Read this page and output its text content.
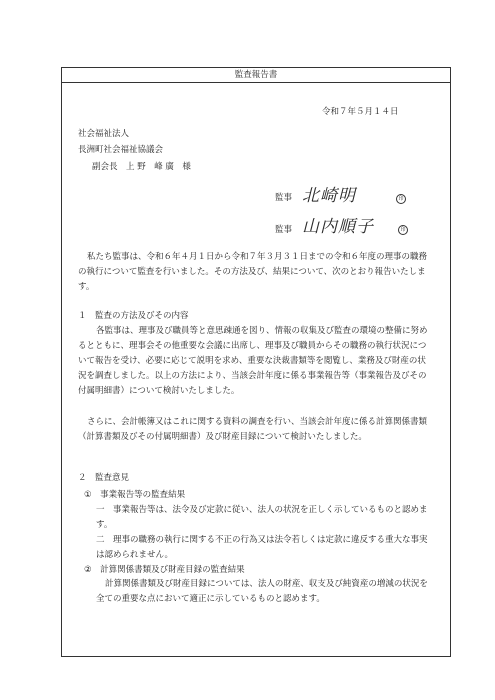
監査報告書
令和７年５月１４日
社会福祉法人
長洲町社会福祉協議会
副会長　上 野　峰 廣　様
監事 北崎明	印
監事 山内順子	印
私たち監事は、令和６年４月１日から令和７年３月３１日までの令和６年度の理事の職務の執行について監査を行いました。その方法及び、結果について、次のとおり報告いたします。
１　監査の方法及びその内容
各監事は、理事及び職員等と意思疎通を図り、情報の収集及び監査の環境の整備に努めるとともに、理事会その他重要な会議に出席し、理事及び職員からその職務の執行状況について報告を受け、必要に応じて説明を求め、重要な決裁書類等を閲覧し、業務及び財産の状況を調査しました。以上の方法により、当該会計年度に係る事業報告等（事業報告及びその付属明細書）について検討いたしました。
さらに、会計帳簿又はこれに関する資料の調査を行い、当該会計年度に係る計算関係書類（計算書類及びその付属明細書）及び財産目録について検討いたしました。
２　監査意見
①　事業報告等の監査結果
一　事業報告等は、法令及び定款に従い、法人の状況を正しく示しているものと認めます。
二　理事の職務の執行に関する不正の行為又は法令若しくは定款に違反する重大な事実は認められません。
②　計算関係書類及び財産目録の監査結果
計算関係書類及び財産目録については、法人の財産、収支及び純資産の増減の状況を全ての重要な点において適正に示しているものと認めます。
